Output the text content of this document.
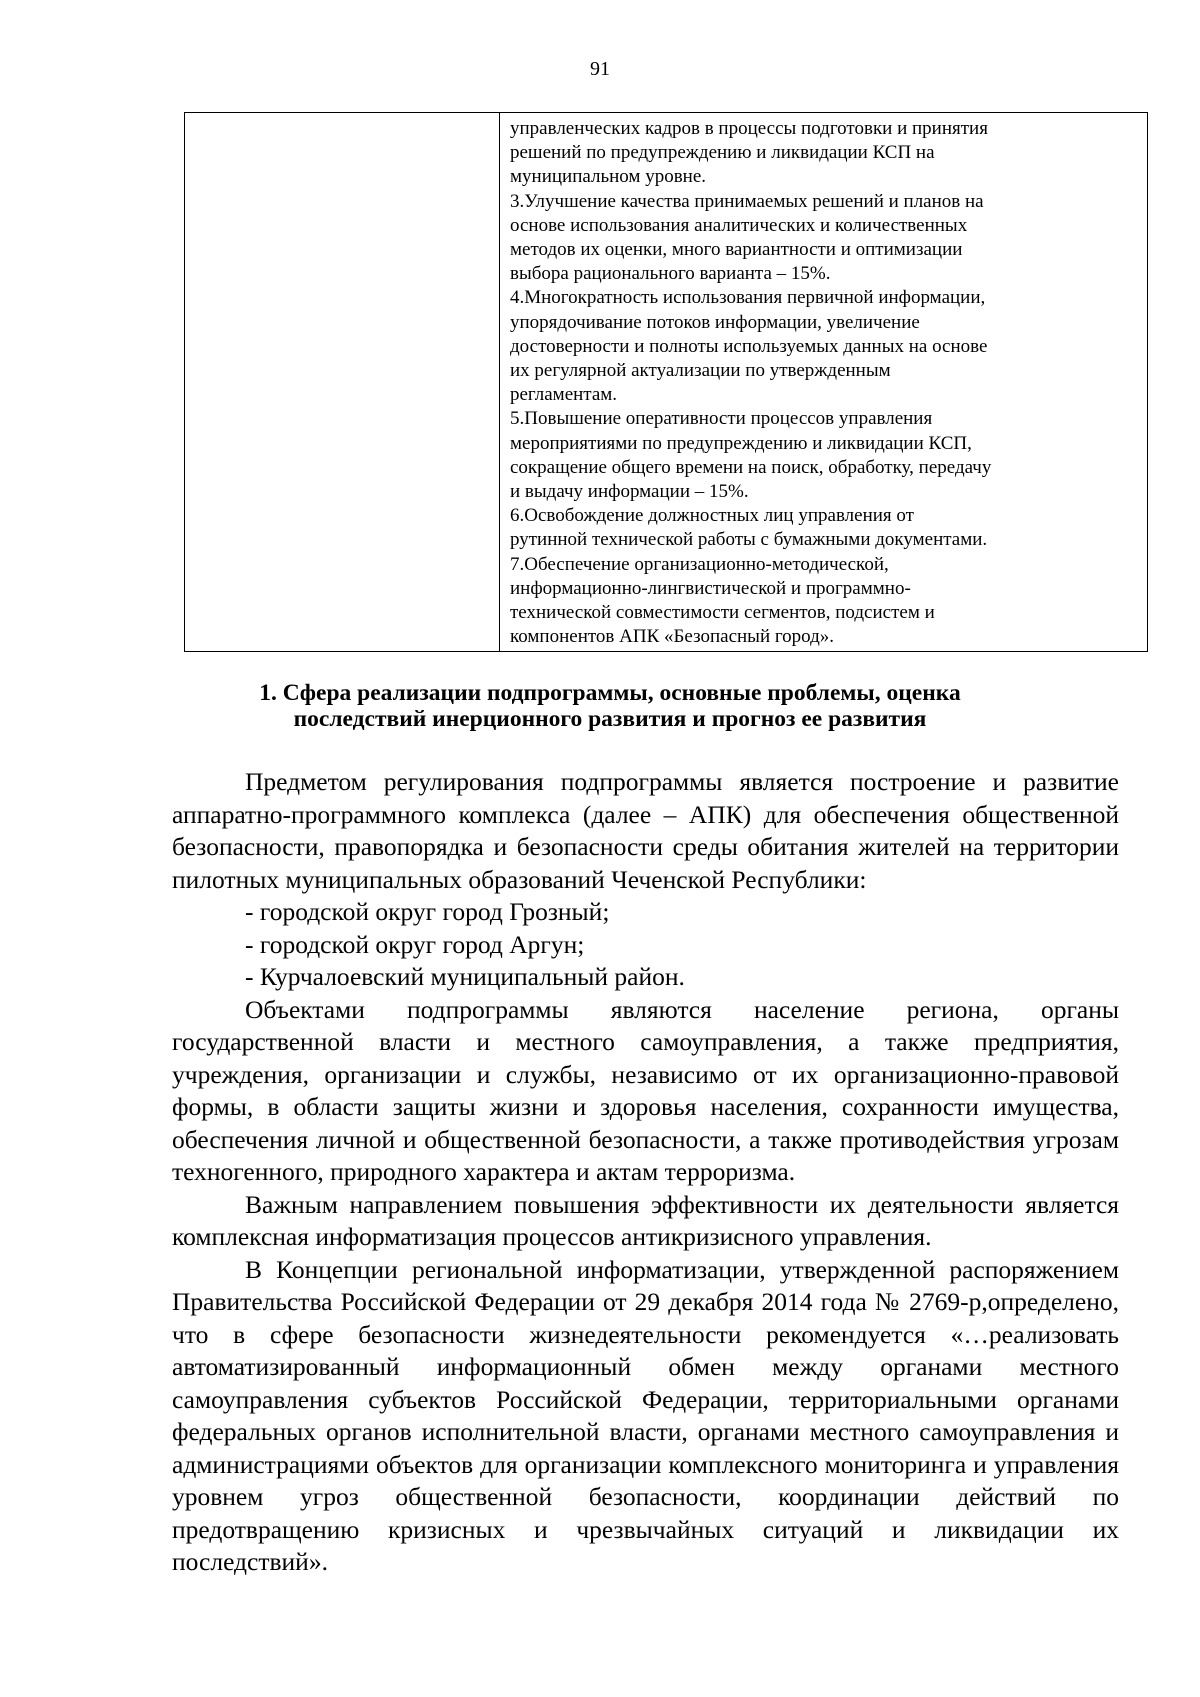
91

управленческих кадров в процессы подготовки и принятия
решений по предупреждению и ликвидации КСП на
муниципальном уровне.
3.Улучшение качества принимаемых решений и планов на
основе использования аналитических и количественных
методов их оценки, много вариантности и оптимизации
выбора рационального варианта – 15%.
4.Многократность использования первичной информации,
упорядочивание потоков информации, увеличение
достоверности и полноты используемых данных на основе
их регулярной актуализации по утвержденным
регламентам.
5.Повышение оперативности процессов управления
мероприятиями по предупреждению и ликвидации КСП,
сокращение общего времени на поиск, обработку, передачу
и выдачу информации – 15%.
6.Освобождение должностных лиц управления от
рутинной технической работы с бумажными документами.
7.Обеспечение организационно-методической,
информационно-лингвистической и программно-
технической совместимости сегментов, подсистем и
компонентов АПК «Безопасный город».
1. Сфера реализации подпрограммы, основные проблемы, оценка
последствий инерционного развития и прогноз ее развития

Предметом регулирования подпрограммы является построение и развитие аппаратно-программного комплекса (далее – АПК) для обеспечения общественной безопасности, правопорядка и безопасности среды обитания жителей на территории пилотных муниципальных образований Чеченской Республики:

- городской округ город Грозный;

- городской округ город Аргун;

- Курчалоевский муниципальный район.

Объектами подпрограммы являются население региона, органы государственной власти и местного самоуправления, а также предприятия, учреждения, организации и службы, независимо от их организационно-правовой формы, в области защиты жизни и здоровья населения, сохранности имущества, обеспечения личной и общественной безопасности, а также противодействия угрозам техногенного, природного характера и актам терроризма.

Важным направлением повышения эффективности их деятельности является комплексная информатизация процессов антикризисного управления.

В Концепции региональной информатизации, утвержденной распоряжением Правительства Российской Федерации от 29 декабря 2014 года № 2769-р,определено, что в сфере безопасности жизнедеятельности рекомендуется «…реализовать автоматизированный информационный обмен между органами местного самоуправления субъектов Российской Федерации, территориальными органами федеральных органов исполнительной власти, органами местного самоуправления и администрациями объектов для организации комплексного мониторинга и управления уровнем угроз общественной безопасности, координации действий по предотвращению кризисных и чрезвычайных ситуаций и ликвидации их последствий».
